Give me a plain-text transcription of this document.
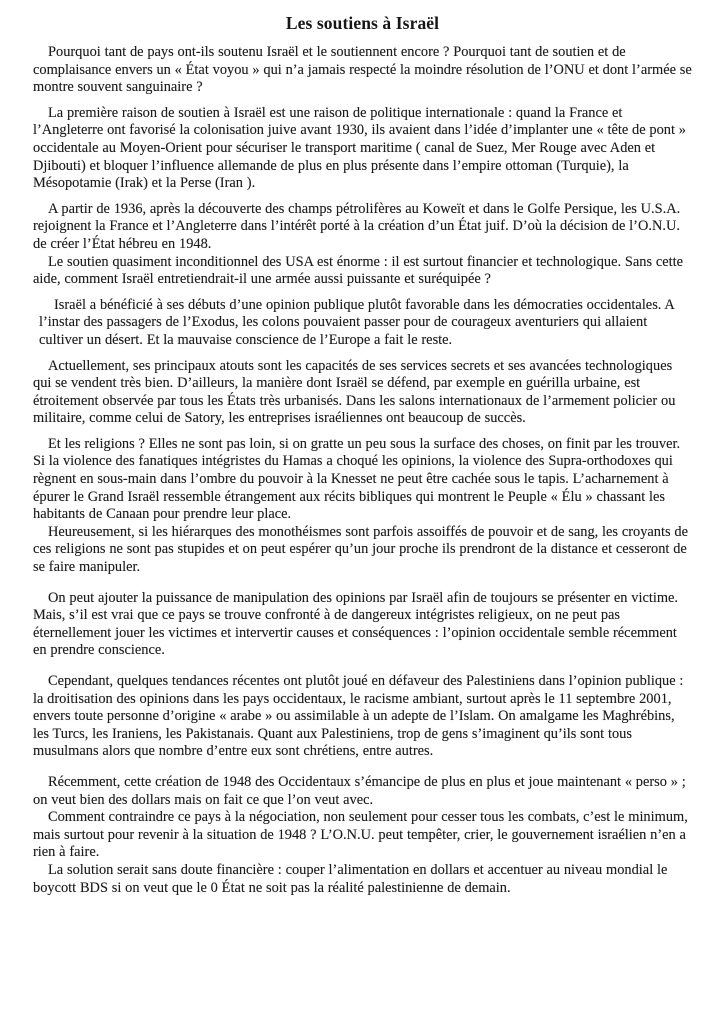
Les soutiens à Israël

Pourquoi tant de pays ont-ils soutenu Israël et le soutiennent encore ? Pourquoi tant de soutien et de complaisance envers un « État voyou » qui n’a jamais respecté la moindre résolution de l’ONU et dont l’armée se montre souvent sanguinaire ?

La première raison de soutien à Israël est une raison de politique internationale : quand la France et l’Angleterre ont favorisé la colonisation juive avant 1930, ils avaient dans l’idée d’implanter une « tête de pont » occidentale au Moyen-Orient pour sécuriser le transport maritime ( canal de Suez, Mer Rouge avec Aden et Djibouti) et bloquer l’influence allemande de plus en plus présente dans l’empire ottoman (Turquie), la Mésopotamie (Irak) et la Perse (Iran ).

A partir de 1936, après la découverte des champs pétrolifères au Koweït et dans le Golfe Persique, les U.S.A. rejoignent la France et l’Angleterre dans l’intérêt porté à la création d’un État juif. D’où la décision de l’O.N.U. de créer l’État hébreu en 1948.

Le soutien quasiment inconditionnel des USA est énorme : il est surtout financier et technologique. Sans cette aide, comment Israël entretiendrait-il une armée aussi puissante et suréquipée ?

Israël a bénéficié à ses débuts d’une opinion publique plutôt favorable dans les démocraties occidentales. A l’instar des passagers de l’Exodus, les colons pouvaient passer pour de courageux aventuriers qui allaient cultiver un désert. Et la mauvaise conscience de l’Europe a fait le reste.

Actuellement, ses principaux atouts sont les capacités de ses services secrets et ses avancées technologiques qui se vendent très bien. D’ailleurs, la manière dont Israël se défend, par exemple en guérilla urbaine, est étroitement observée par tous les États très urbanisés. Dans les salons internationaux de l’armement policier ou militaire, comme celui de Satory, les entreprises israéliennes ont beaucoup de succès.

Et les religions ? Elles ne sont pas loin, si on gratte un peu sous la surface des choses, on finit par les trouver. Si la violence des fanatiques intégristes du Hamas a choqué les opinions, la violence des Supra-orthodoxes qui règnent en sous-main dans l’ombre du pouvoir à la Knesset ne peut être cachée sous le tapis. L’acharnement à épurer le Grand Israël ressemble étrangement aux récits bibliques qui montrent le Peuple « Élu » chassant les habitants de Canaan pour prendre leur place.

Heureusement, si les hiérarques des monothéismes sont parfois assoiffés de pouvoir et de sang, les croyants de ces religions ne sont pas stupides et on peut espérer qu’un jour proche ils prendront de la distance et cesseront de se faire manipuler.

On peut ajouter la puissance de manipulation des opinions par Israël afin de toujours se présenter en victime. Mais, s’il est vrai que ce pays se trouve confronté à de dangereux intégristes religieux, on ne peut pas éternellement jouer les victimes et intervertir causes et conséquences : l’opinion occidentale semble récemment en prendre conscience.

Cependant, quelques tendances récentes ont plutôt joué en défaveur des Palestiniens dans l’opinion publique : la droitisation des opinions dans les pays occidentaux, le racisme ambiant, surtout après le 11 septembre 2001, envers toute personne d’origine « arabe » ou assimilable à un adepte de l’Islam. On amalgame les Maghrébins, les Turcs, les Iraniens, les Pakistanais. Quant aux Palestiniens, trop de gens s’imaginent qu’ils sont tous musulmans alors que nombre d’entre eux sont chrétiens, entre autres.

Récemment, cette création de 1948 des Occidentaux s’émancipe de plus en plus et joue maintenant « perso » ; on veut bien des dollars mais on fait ce que l’on veut avec.

Comment contraindre ce pays à la négociation, non seulement pour cesser tous les combats, c’est le minimum, mais surtout pour revenir à la situation de 1948 ? L’O.N.U. peut tempêter, crier, le gouvernement israélien n’en a rien à faire.

La solution serait sans doute financière : couper l’alimentation en dollars et accentuer au niveau mondial le boycott BDS si on veut que le 0 État ne soit pas la réalité palestinienne de demain.
